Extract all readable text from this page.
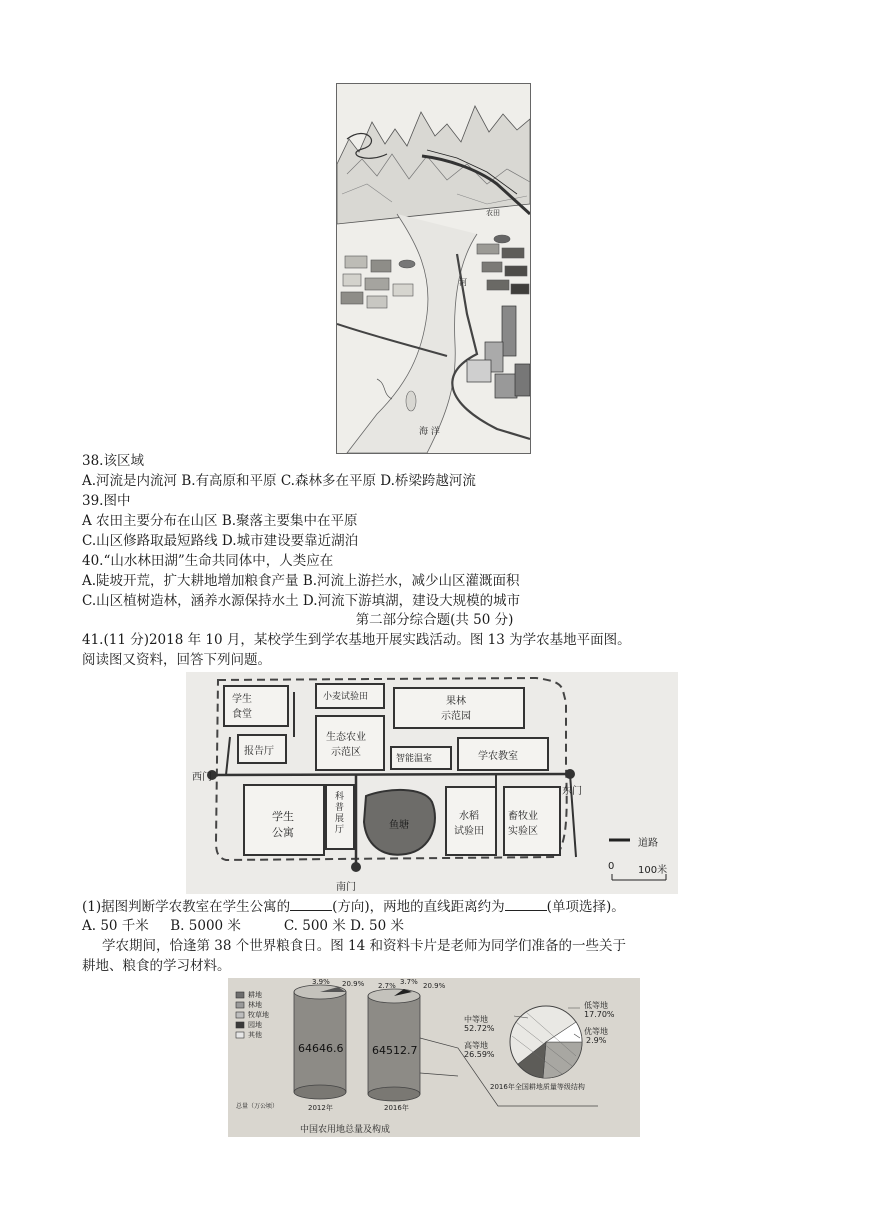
河
农田
海 洋
38.该区域
A.河流是内流河 B.有高原和平原 C.森林多在平原 D.桥梁跨越河流
39.图中
A 农田主要分布在山区 B.聚落主要集中在平原
C.山区修路取最短路线 D.城市建设要靠近湖泊
40.“山水林田湖”生命共同体中，人类应在
A.陡坡开荒，扩大耕地增加粮食产量 B.河流上游拦水，减少山区灌溉面积
C.山区植树造林，涵养水源保持水土 D.河流下游填湖，建设大规模的城市
第二部分综合题(共 50 分)
41.(11 分)2018 年 10 月，某校学生到学农基地开展实践活动。图 13 为学农基地平面图。
阅读图又资料，回答下列问题。
学生
食堂
小麦试验田	果林
示范园
报告厅
生态农业
示范区
智能温室	学农教室
学生
公寓
科
普
展
厅	鱼塘
水稻
试验田
畜牧业
实验区
西门
东门
南门
道路
0 100米
(1)据图判断学农教室在学生公寓的	(方向)，两地的直线距离约为	(单项选择)。
A. 50 千米     B. 5000 米          C. 500 米 D. 50 米
学农期间，恰逢第 38 个世界粮食日。图 14 和资料卡片是老师为同学们准备的一些关于
耕地、粮食的学习材料。
耕地
林地
牧草地
园地
其他
64646.6	64512.7
3.9% 20.9%	3.7%
2.7%	20.9%
总量（万公顷）	2012年	2016年
中等地
52.72%
高等地
26.59%
低等地
17.70%
优等地
2.9%
2016年全国耕地质量等级结构
中国农用地总量及构成
